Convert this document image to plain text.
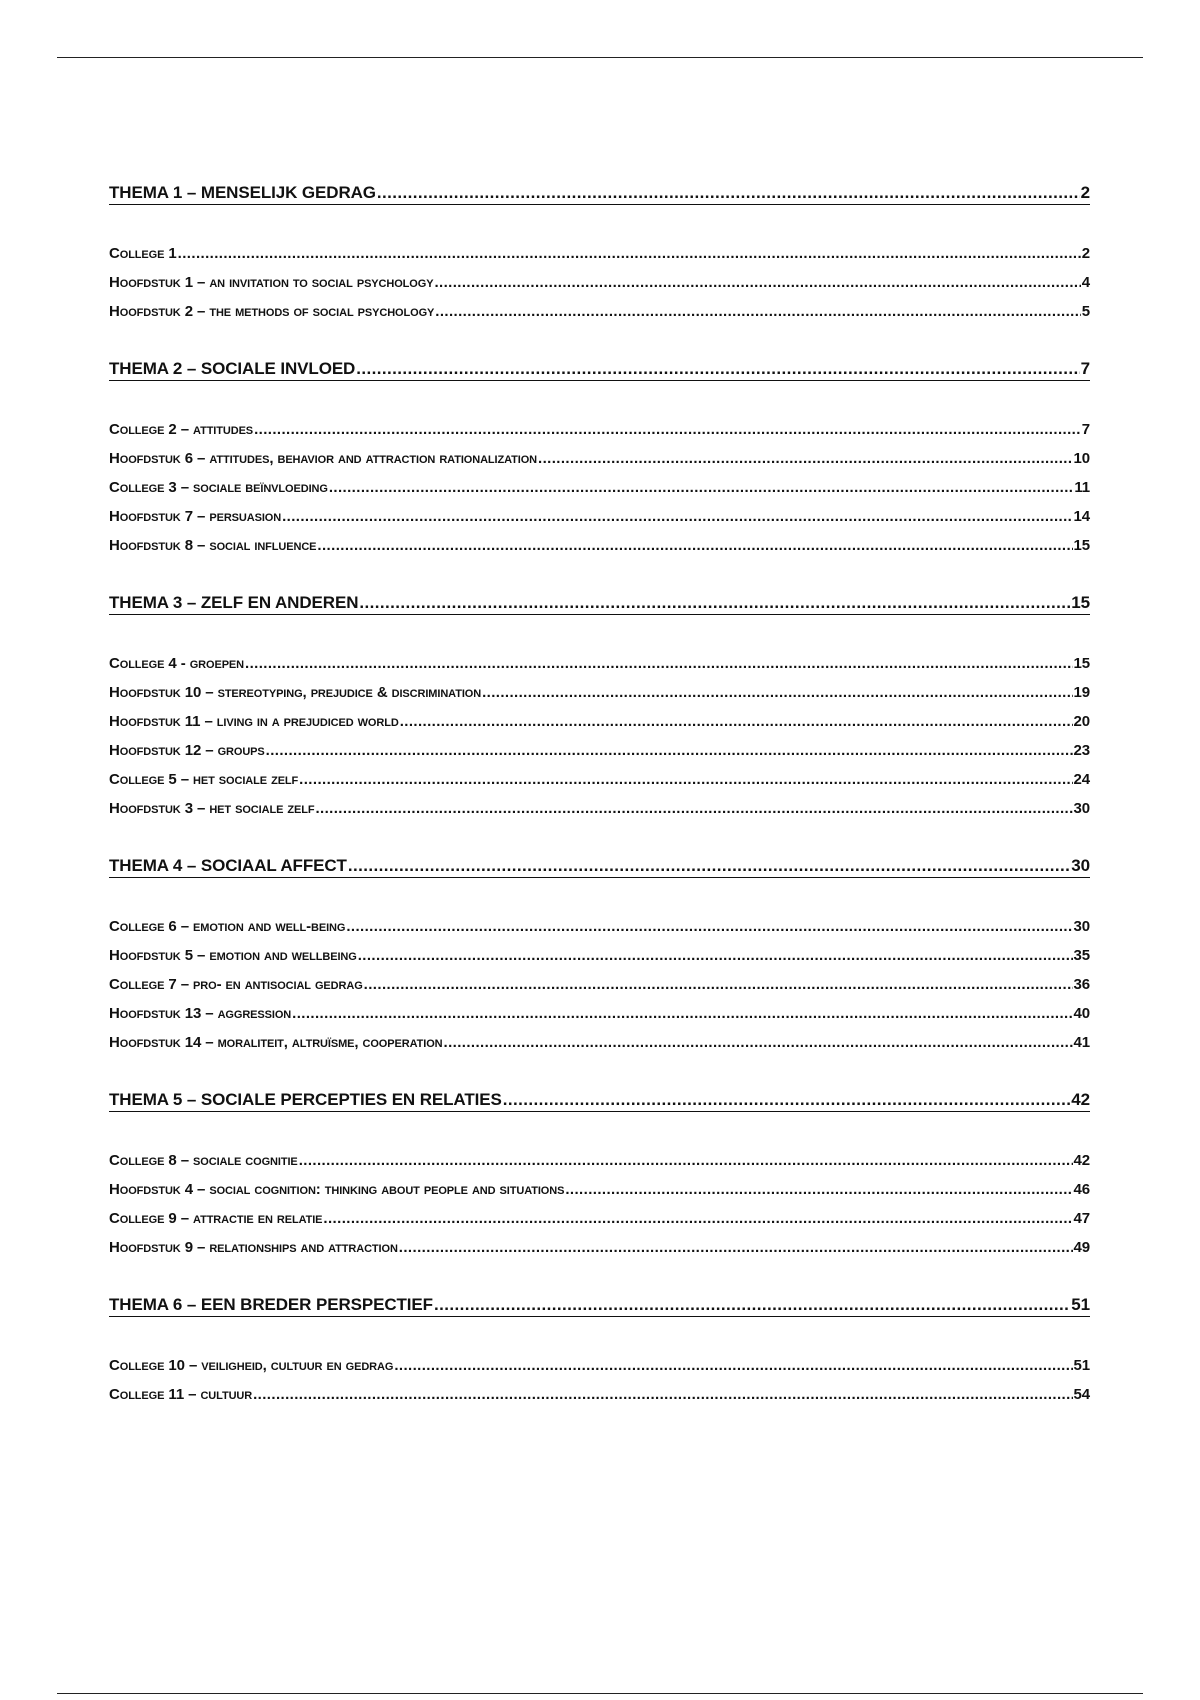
THEMA 1 – MENSELIJK GEDRAG .....	2
College 1 .....	2
Hoofdstuk 1 – an invitation to social psychology .....	4
Hoofdstuk 2 – the methods of social psychology .....	5
THEMA 2 – SOCIALE INVLOED .....	7
College 2 – attitudes .....	7
Hoofdstuk 6 – attitudes, behavior and attraction rationalization .....	10
College 3 – sociale beïnvloeding .....	11
Hoofdstuk 7 – persuasion .....	14
Hoofdstuk 8 – social influence .....	15
THEMA 3 – ZELF EN ANDEREN .....	15
College 4 - groepen .....	15
Hoofdstuk 10 – stereotyping, prejudice & discrimination .....	19
Hoofdstuk 11 – living in a prejudiced world .....	20
Hoofdstuk 12 – groups .....	23
College 5 – het sociale zelf .....	24
Hoofdstuk 3 – het sociale zelf .....	30
THEMA 4 – SOCIAAL AFFECT .....	30
College 6 – emotion and well-being .....	30
Hoofdstuk 5 – emotion and wellbeing .....	35
College 7 – pro- en antisocial gedrag .....	36
Hoofdstuk 13 – aggression .....	40
Hoofdstuk 14 – moraliteit, altruïsme, cooperation .....	41
THEMA 5 – SOCIALE PERCEPTIES EN RELATIES .....	42
College 8 – sociale cognitie .....	42
Hoofdstuk 4 – social cognition: thinking about people and situations .....	46
College 9 – attractie en relatie .....	47
Hoofdstuk 9 – relationships and attraction .....	49
THEMA 6 – EEN BREDER PERSPECTIEF .....	51
College 10 – veiligheid, cultuur en gedrag .....	51
College 11 – cultuur .....	54
